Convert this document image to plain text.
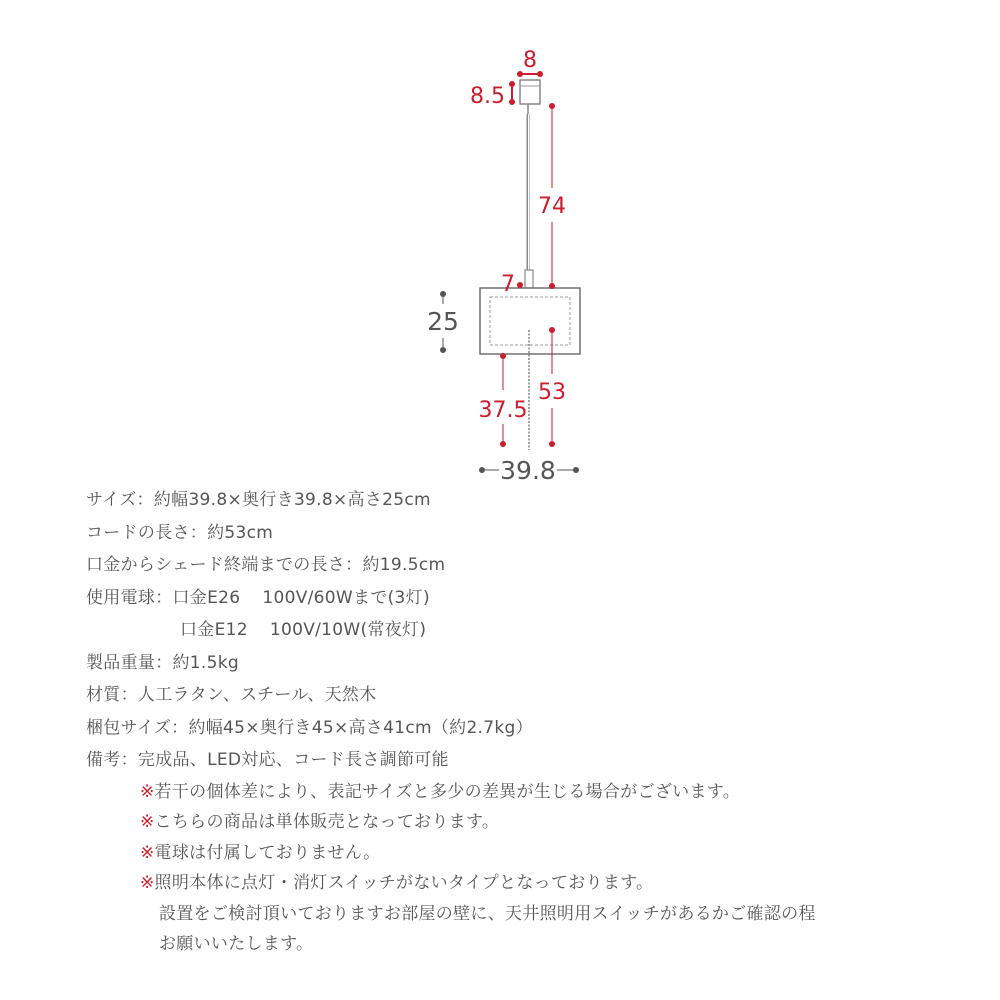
8
8.5
74
7
25
53
37.5
39.8
サイズ：約幅39.8×奥行き39.8×高さ25cm
コードの長さ：約53cm
口金からシェード終端までの長さ：約19.5cm
使用電球：口金E26 100V/60Wまで(3灯)
口金E12 100V/10W(常夜灯)
製品重量：約1.5kg
材質：人工ラタン、スチール、天然木
梱包サイズ：約幅45×奥行き45×高さ41cm（約2.7kg）
備考：完成品、LED対応、コード長さ調節可能
※若干の個体差により、表記サイズと多少の差異が生じる場合がございます。
※こちらの商品は単体販売となっております。
※電球は付属しておりません。
※照明本体に点灯・消灯スイッチがないタイプとなっております。
設置をご検討頂いておりますお部屋の壁に、天井照明用スイッチがあるかご確認の程
お願いいたします。
